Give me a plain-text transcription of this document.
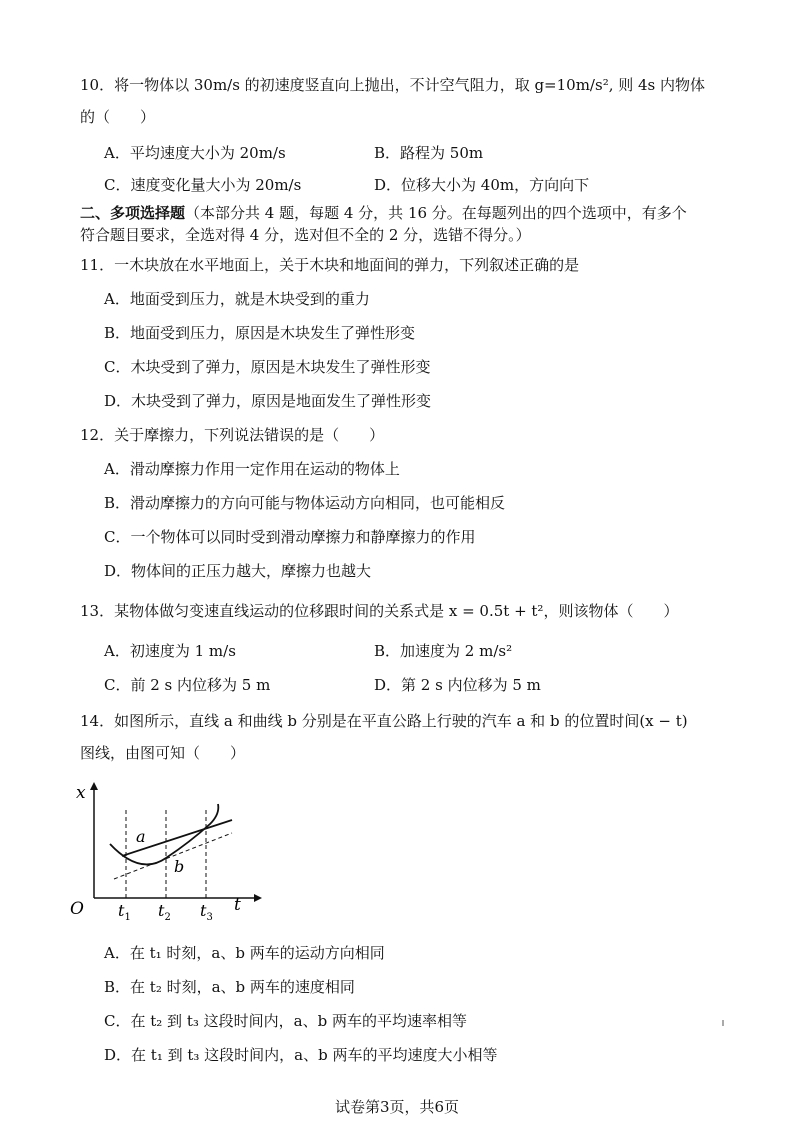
10．将一物体以 30m/s 的初速度竖直向上抛出，不计空气阻力，取 g=10m/s², 则 4s 内物体
的（　　）
A．平均速度大小为 20m/s	B．路程为 50m
C．速度变化量大小为 20m/s	D．位移大小为 40m，方向向下
二、多项选择题（本部分共 4 题，每题 4 分，共 16 分。在每题列出的四个选项中，有多个
符合题目要求，全选对得 4 分，选对但不全的 2 分，选错不得分。）
11．一木块放在水平地面上，关于木块和地面间的弹力，下列叙述正确的是
A．地面受到压力，就是木块受到的重力
B．地面受到压力，原因是木块发生了弹性形变
C．木块受到了弹力，原因是木块发生了弹性形变
D．木块受到了弹力，原因是地面发生了弹性形变
12．关于摩擦力，下列说法错误的是（　　）
A．滑动摩擦力作用一定作用在运动的物体上
B．滑动摩擦力的方向可能与物体运动方向相同，也可能相反
C．一个物体可以同时受到滑动摩擦力和静摩擦力的作用
D．物体间的正压力越大，摩擦力也越大
13．某物体做匀变速直线运动的位移跟时间的关系式是 x = 0.5t + t²，则该物体（　　）
A．初速度为 1 m/s	B．加速度为 2 m/s²
C．前 2 s 内位移为 5 m	D．第 2 s 内位移为 5 m
14．如图所示，直线 a 和曲线 b 分别是在平直公路上行驶的汽车 a 和 b 的位置时间(x − t)
图线，由图可知（　　）
x
t
O
a
b
$t_1$ $t_2$ $t_3$
A．在 t₁ 时刻，a、b 两车的运动方向相同
B．在 t₂ 时刻，a、b 两车的速度相同
C．在 t₂ 到 t₃ 这段时间内，a、b 两车的平均速率相等
D．在 t₁ 到 t₃ 这段时间内，a、b 两车的平均速度大小相等
试卷第3页，共6页
